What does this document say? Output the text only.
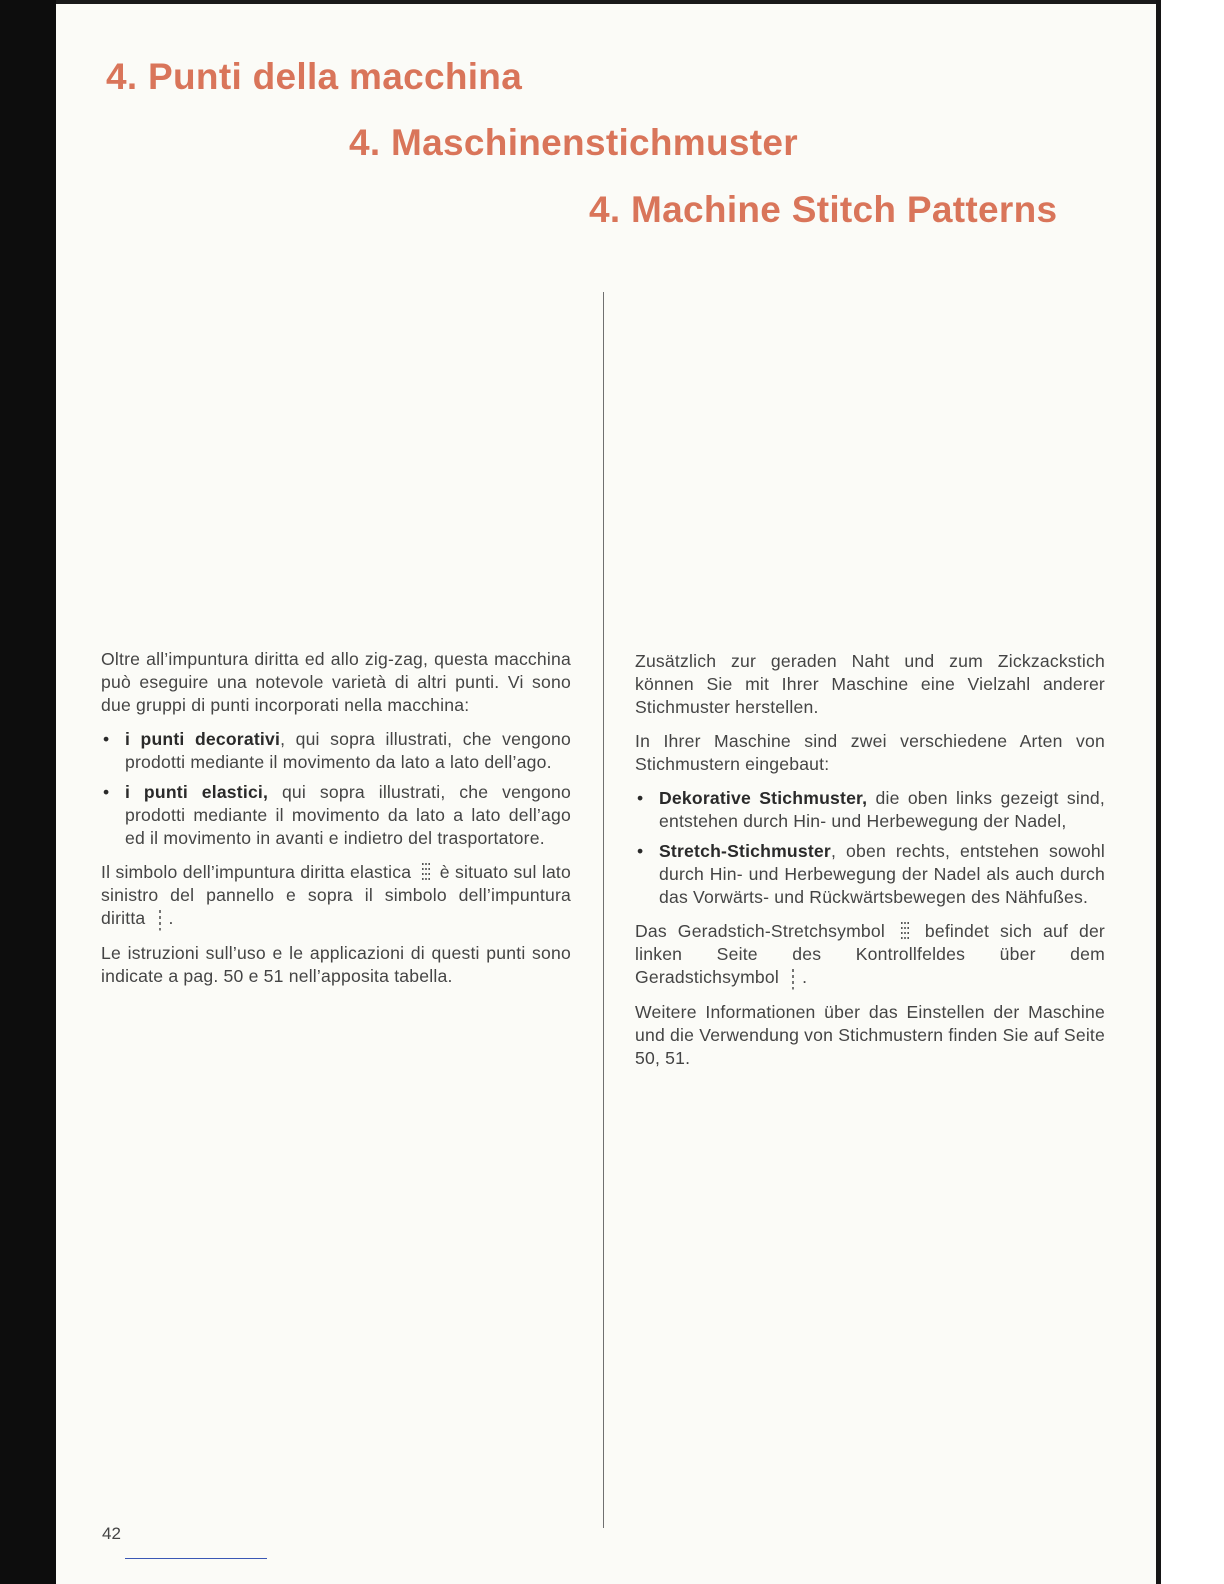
4. Punti della macchina
4. Maschinenstichmuster
4. Machine Stitch Patterns

Oltre all’impuntura diritta ed allo zig-zag, questa macchina può eseguire una notevole varietà di altri punti. Vi sono due gruppi di punti incorporati nella macchina:

• i punti decorativi, qui sopra illustrati, che vengono prodotti mediante il movimento da lato a lato dell’ago.
• i punti elastici, qui sopra illustrati, che vengono prodotti mediante il movimento da lato a lato dell’ago ed il movimento in avanti e indietro del trasportatore.

Il simbolo dell’impuntura diritta elastica è situato sul lato sinistro del pannello e sopra il simbolo dell’impuntura diritta .

Le istruzioni sull’uso e le applicazioni di questi punti sono indicate a pag. 50 e 51 nell’apposita tabella.

Zusätzlich zur geraden Naht und zum Zickzackstich können Sie mit Ihrer Maschine eine Vielzahl anderer Stichmuster herstellen.

In Ihrer Maschine sind zwei verschiedene Arten von Stichmustern eingebaut:

• Dekorative Stichmuster, die oben links gezeigt sind, entstehen durch Hin- und Herbewegung der Nadel,
• Stretch-Stichmuster, oben rechts, entstehen sowohl durch Hin- und Herbewegung der Nadel als auch durch das Vorwärts- und Rückwärtsbewegen des Nähfußes.

Das Geradstich-Stretchsymbol befindet sich auf der linken Seite des Kontrollfeldes über dem Geradstichsymbol .

Weitere Informationen über das Einstellen der Maschine und die Verwendung von Stichmustern finden Sie auf Seite 50, 51.

42
